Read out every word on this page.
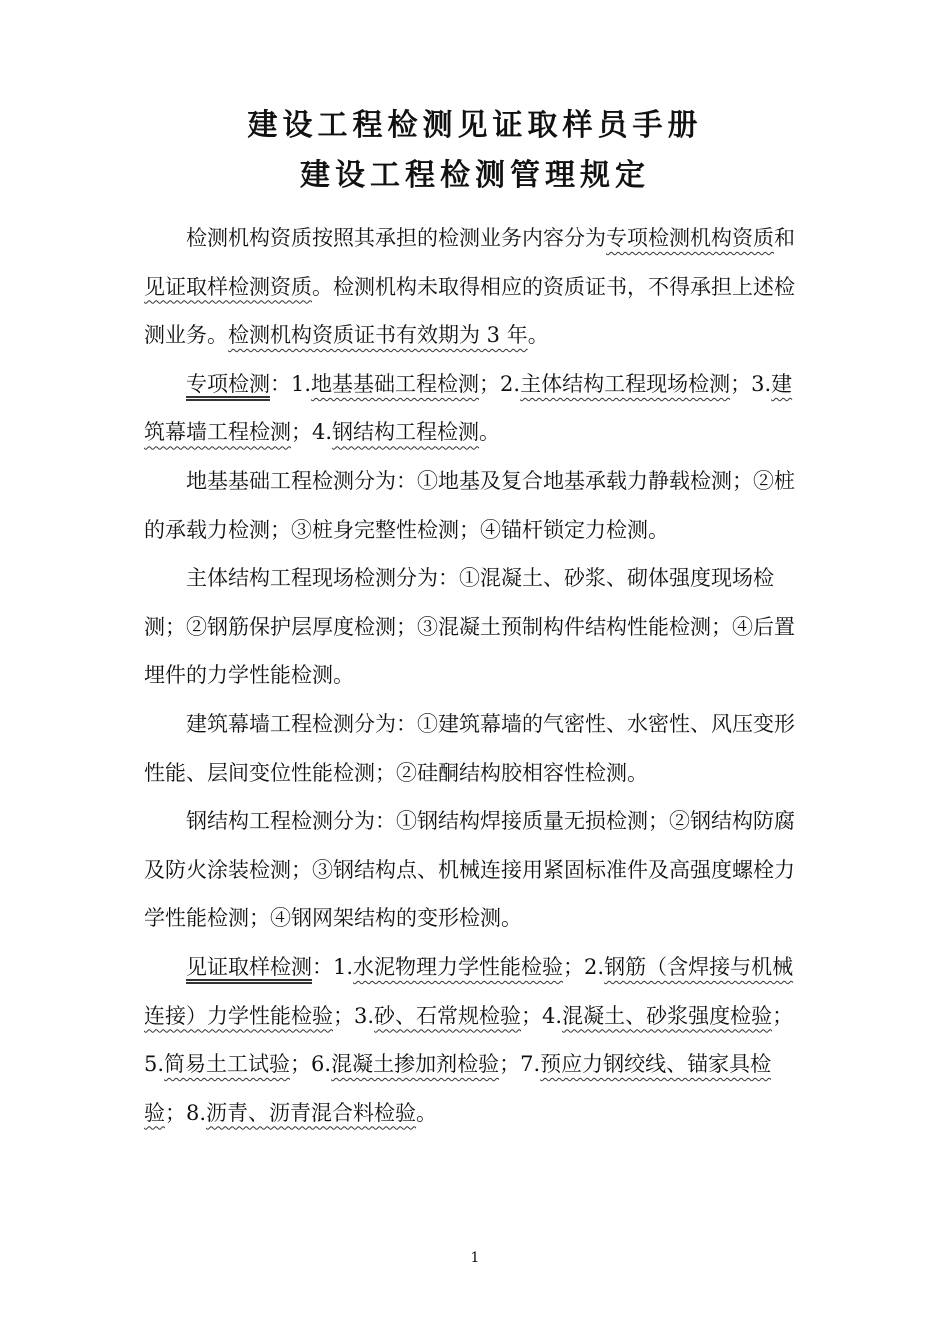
建设工程检测见证取样员手册
建设工程检测管理规定

检测机构资质按照其承担的检测业务内容分为专项检测机构资质和见证取样检测资质。检测机构未取得相应的资质证书，不得承担上述检测业务。检测机构资质证书有效期为 3 年。

专项检测：1.地基基础工程检测；2.主体结构工程现场检测；3.建筑幕墙工程检测；4.钢结构工程检测。

地基基础工程检测分为：①地基及复合地基承载力静载检测；②桩的承载力检测；③桩身完整性检测；④锚杆锁定力检测。

主体结构工程现场检测分为：①混凝土、砂浆、砌体强度现场检测；②钢筋保护层厚度检测；③混凝土预制构件结构性能检测；④后置埋件的力学性能检测。

建筑幕墙工程检测分为：①建筑幕墙的气密性、水密性、风压变形性能、层间变位性能检测；②硅酮结构胶相容性检测。

钢结构工程检测分为：①钢结构焊接质量无损检测；②钢结构防腐及防火涂装检测；③钢结构点、机械连接用紧固标准件及高强度螺栓力学性能检测；④钢网架结构的变形检测。

见证取样检测：1.水泥物理力学性能检验；2.钢筋（含焊接与机械连接）力学性能检验；3.砂、石常规检验；4.混凝土、砂浆强度检验；5.简易土工试验；6.混凝土掺加剂检验；7.预应力钢绞线、锚家具检验；8.沥青、沥青混合料检验。

1
